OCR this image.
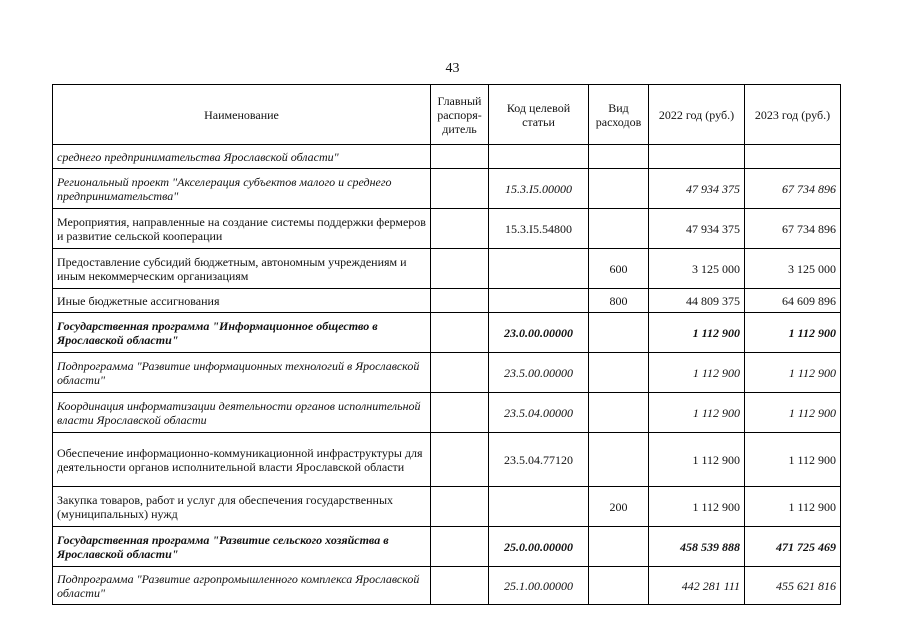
43
Наименование	Главный распоря-дитель	Код целевой статьи	Вид расходов	2022 год (руб.)	2023 год (руб.)
среднего предпринимательства Ярославской области"					
Региональный проект "Акселерация субъектов малого и среднего предпринимательства"		15.3.I5.00000		47 934 375	67 734 896
Мероприятия, направленные на создание системы поддержки фермеров и развитие сельской кооперации		15.3.I5.54800		47 934 375	67 734 896
Предоставление субсидий бюджетным, автономным учреждениям и иным некоммерческим организациям			600	3 125 000	3 125 000
Иные бюджетные ассигнования			800	44 809 375	64 609 896
Государственная программа "Информационное общество в Ярославской области"		23.0.00.00000		1 112 900	1 112 900
Подпрограмма "Развитие информационных технологий в Ярославской области"		23.5.00.00000		1 112 900	1 112 900
Координация информатизации деятельности органов исполнительной власти Ярославской области		23.5.04.00000		1 112 900	1 112 900
Обеспечение информационно-коммуникационной инфраструктуры для деятельности органов исполнительной власти Ярославской области		23.5.04.77120		1 112 900	1 112 900
Закупка товаров, работ и услуг для обеспечения государственных (муниципальных) нужд			200	1 112 900	1 112 900
Государственная программа "Развитие сельского хозяйства в Ярославской области"		25.0.00.00000		458 539 888	471 725 469
Подпрограмма "Развитие агропромышленного комплекса Ярославской области"		25.1.00.00000		442 281 111	455 621 816
